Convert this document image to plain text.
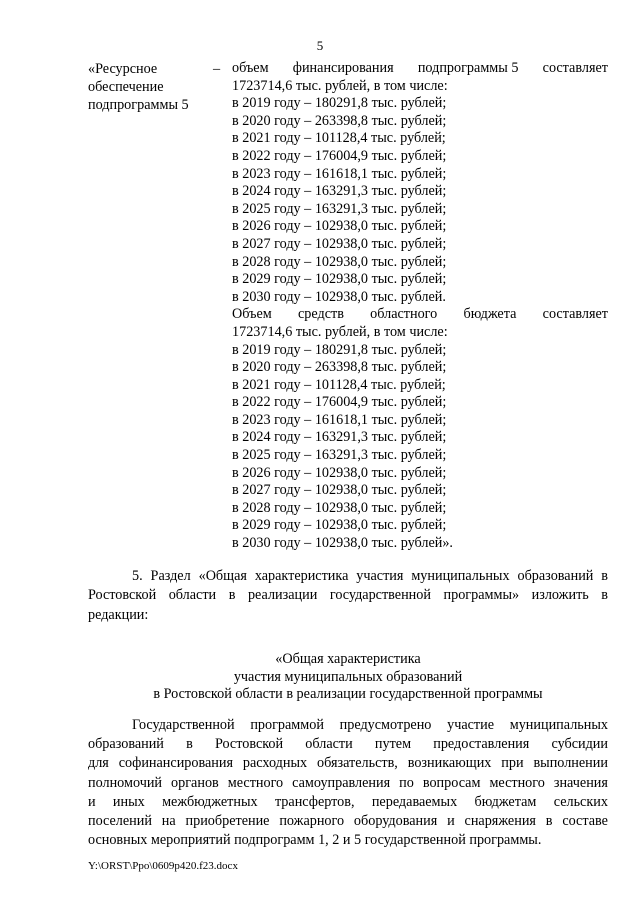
5
«Ресурсное
обеспечение
подпрограммы 5
– объем финансирования подпрограммы 5 составляет
1723714,6 тыс. рублей, в том числе:
в 2019 году – 180291,8 тыс. рублей;
в 2020 году – 263398,8 тыс. рублей;
в 2021 году – 101128,4 тыс. рублей;
в 2022 году – 176004,9 тыс. рублей;
в 2023 году – 161618,1 тыс. рублей;
в 2024 году – 163291,3 тыс. рублей;
в 2025 году – 163291,3 тыс. рублей;
в 2026 году – 102938,0 тыс. рублей;
в 2027 году – 102938,0 тыс. рублей;
в 2028 году – 102938,0 тыс. рублей;
в 2029 году – 102938,0 тыс. рублей;
в 2030 году – 102938,0 тыс. рублей.
Объем средств областного бюджета составляет
1723714,6 тыс. рублей, в том числе:
в 2019 году – 180291,8 тыс. рублей;
в 2020 году – 263398,8 тыс. рублей;
в 2021 году – 101128,4 тыс. рублей;
в 2022 году – 176004,9 тыс. рублей;
в 2023 году – 161618,1 тыс. рублей;
в 2024 году – 163291,3 тыс. рублей;
в 2025 году – 163291,3 тыс. рублей;
в 2026 году – 102938,0 тыс. рублей;
в 2027 году – 102938,0 тыс. рублей;
в 2028 году – 102938,0 тыс. рублей;
в 2029 году – 102938,0 тыс. рублей;
в 2030 году – 102938,0 тыс. рублей».
5. Раздел «Общая характеристика участия муниципальных образований в Ростовской области в реализации государственной программы» изложить в редакции:
«Общая характеристика
участия муниципальных образований
в Ростовской области в реализации государственной программы
Государственной программой предусмотрено участие муниципальных
образований в Ростовской области путем предоставления субсидии
для софинансирования расходных обязательств, возникающих при выполнении
полномочий органов местного самоуправления по вопросам местного значения
и иных межбюджетных трансфертов, передаваемых бюджетам сельских
поселений на приобретение пожарного оборудования и снаряжения в составе
основных мероприятий подпрограмм 1, 2 и 5 государственной программы.
Y:\ORST\Ppo\0609p420.f23.docx
